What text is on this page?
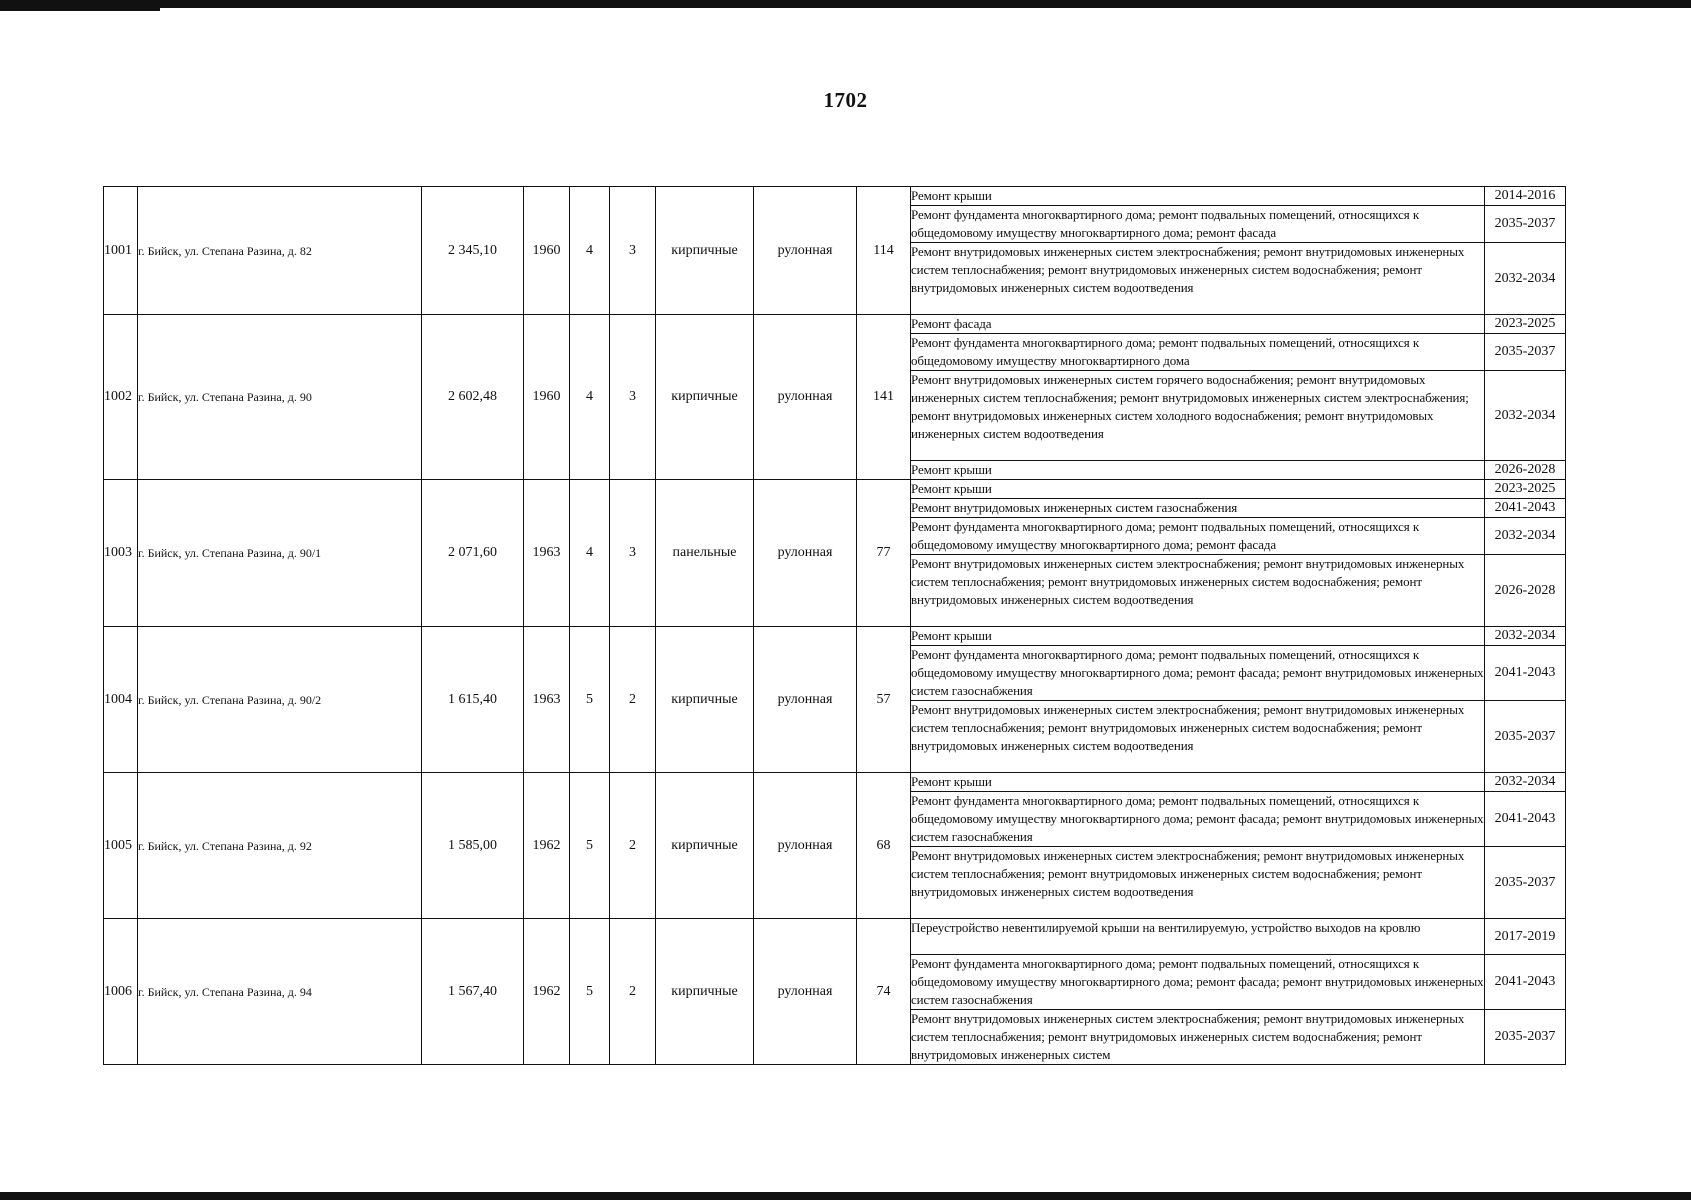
1702
1001	г. Бийск, ул. Степана Разина, д. 82	2 345,10	1960	4	3	кирпичные	рулонная	114	Ремонт крыши	2014-2016
									Ремонт фундамента многоквартирного дома; ремонт подвальных помещений, относящихся к общедомовому имуществу многоквартирного дома; ремонт фасада	2035-2037
									Ремонт внутридомовых инженерных систем электроснабжения; ремонт внутридомовых инженерных систем теплоснабжения; ремонт внутридомовых инженерных систем водоснабжения; ремонт внутридомовых инженерных систем водоотведения	2032-2034
1002	г. Бийск, ул. Степана Разина, д. 90	2 602,48	1960	4	3	кирпичные	рулонная	141	Ремонт фасада	2023-2025
									Ремонт фундамента многоквартирного дома; ремонт подвальных помещений, относящихся к общедомовому имуществу многоквартирного дома	2035-2037
									Ремонт внутридомовых инженерных систем горячего водоснабжения; ремонт внутридомовых инженерных систем теплоснабжения; ремонт внутридомовых инженерных систем электроснабжения; ремонт внутридомовых инженерных систем холодного водоснабжения; ремонт внутридомовых инженерных систем водоотведения	2032-2034
									Ремонт крыши	2026-2028
1003	г. Бийск, ул. Степана Разина, д. 90/1	2 071,60	1963	4	3	панельные	рулонная	77	Ремонт крыши	2023-2025
									Ремонт внутридомовых инженерных систем газоснабжения	2041-2043
									Ремонт фундамента многоквартирного дома; ремонт подвальных помещений, относящихся к общедомовому имуществу многоквартирного дома; ремонт фасада	2032-2034
									Ремонт внутридомовых инженерных систем электроснабжения; ремонт внутридомовых инженерных систем теплоснабжения; ремонт внутридомовых инженерных систем водоснабжения; ремонт внутридомовых инженерных систем водоотведения	2026-2028
1004	г. Бийск, ул. Степана Разина, д. 90/2	1 615,40	1963	5	2	кирпичные	рулонная	57	Ремонт крыши	2032-2034
									Ремонт фундамента многоквартирного дома; ремонт подвальных помещений, относящихся к общедомовому имуществу многоквартирного дома; ремонт фасада; ремонт внутридомовых инженерных систем газоснабжения	2041-2043
									Ремонт внутридомовых инженерных систем электроснабжения; ремонт внутридомовых инженерных систем теплоснабжения; ремонт внутридомовых инженерных систем водоснабжения; ремонт внутридомовых инженерных систем водоотведения	2035-2037
1005	г. Бийск, ул. Степана Разина, д. 92	1 585,00	1962	5	2	кирпичные	рулонная	68	Ремонт крыши	2032-2034
									Ремонт фундамента многоквартирного дома; ремонт подвальных помещений, относящихся к общедомовому имуществу многоквартирного дома; ремонт фасада; ремонт внутридомовых инженерных систем газоснабжения	2041-2043
									Ремонт внутридомовых инженерных систем электроснабжения; ремонт внутридомовых инженерных систем теплоснабжения; ремонт внутридомовых инженерных систем водоснабжения; ремонт внутридомовых инженерных систем водоотведения	2035-2037
1006	г. Бийск, ул. Степана Разина, д. 94	1 567,40	1962	5	2	кирпичные	рулонная	74	Переустройство невентилируемой крыши на вентилируемую, устройство выходов на кровлю	2017-2019
									Ремонт фундамента многоквартирного дома; ремонт подвальных помещений, относящихся к общедомовому имуществу многоквартирного дома; ремонт фасада; ремонт внутридомовых инженерных систем газоснабжения	2041-2043
									Ремонт внутридомовых инженерных систем электроснабжения; ремонт внутридомовых инженерных систем теплоснабжения; ремонт внутридомовых инженерных систем водоснабжения; ремонт внутридомовых инженерных систем	2035-2037
